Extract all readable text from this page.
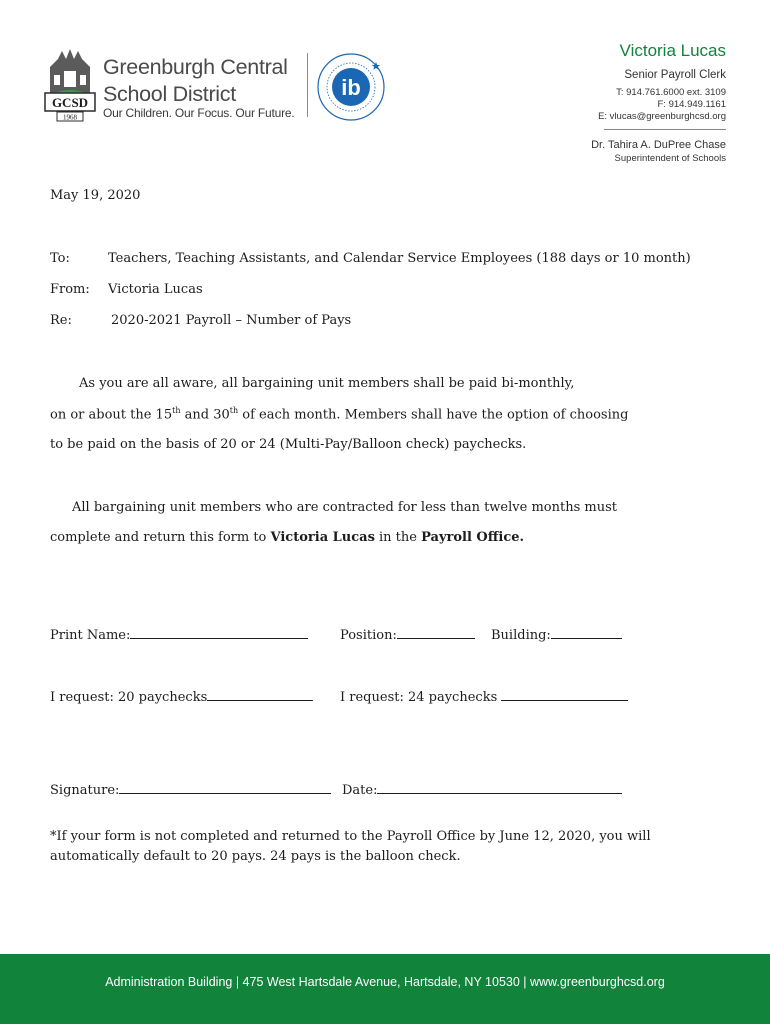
GCSD
1968
Greenburgh Central
School District
Our Children. Our Focus. Our Future.
ib
Victoria Lucas
Senior Payroll Clerk
T: 914.761.6000 ext. 3109
F: 914.949.1161
E: vlucas@greenburghcsd.org
Dr. Tahira A. DuPree Chase
Superintendent of Schools
May 19, 2020
To:	Teachers, Teaching Assistants, and Calendar Service Employees (188 days or 10 month)
From: Victoria Lucas
Re:	2020-2021 Payroll – Number of Pays
As you are all aware, all bargaining unit members shall be paid bi-monthly,
on or about the 15th and 30th of each month. Members shall have the option of choosing
to be paid on the basis of 20 or 24 (Multi-Pay/Balloon check) paychecks.
All bargaining unit members who are contracted for less than twelve months must
complete and return this form to Victoria Lucas in the Payroll Office.
Print Name:	Position:	Building:
I request: 20 paychecks	I request: 24 paychecks
Signature:	Date:
*If your form is not completed and returned to the Payroll Office by June 12, 2020, you will automatically default to 20 pays. 24 pays is the balloon check.
Administration Building | 475 West Hartsdale Avenue, Hartsdale, NY 10530 | www.greenburghcsd.org
